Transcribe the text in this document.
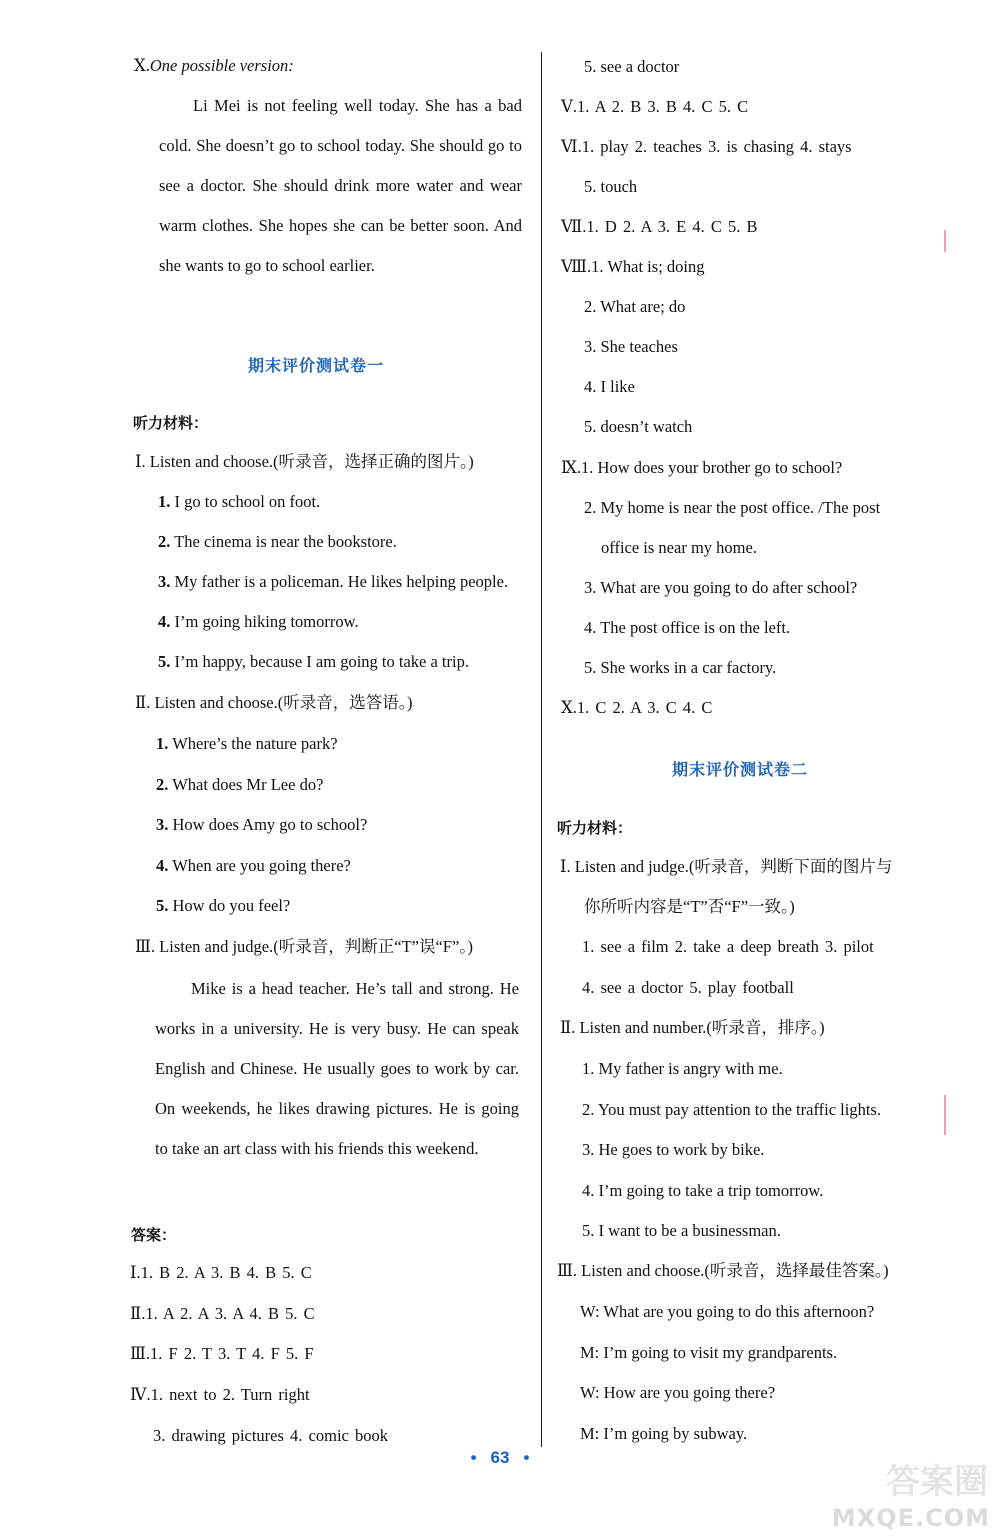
Ⅹ.One possible version:
Li Mei is not feeling well today. She has a bad cold. She doesn’t go to school today. She should go to see a doctor. She should drink more water and wear warm clothes. She hopes she can be better soon. And she wants to go to school earlier.
期末评价测试卷一
听力材料：
Ⅰ. Listen and choose.(听录音，选择正确的图片。)
1. I go to school on foot.
2. The cinema is near the bookstore.
3. My father is a policeman. He likes helping people.
4. I’m going hiking tomorrow.
5. I’m happy, because I am going to take a trip.
Ⅱ. Listen and choose.(听录音，选答语。)
1. Where’s the nature park?
2. What does Mr Lee do?
3. How does Amy go to school?
4. When are you going there?
5. How do you feel?
Ⅲ. Listen and judge.(听录音，判断正“T”误“F”。)
Mike is a head teacher. He’s tall and strong. He works in a university. He is very busy. He can speak English and Chinese. He usually goes to work by car. On weekends, he likes drawing pictures. He is going to take an art class with his friends this weekend.
答案：
Ⅰ.1. B 2. A 3. B 4. B 5. C
Ⅱ.1. A 2. A 3. A 4. B 5. C
Ⅲ.1. F 2. T 3. T 4. F 5. F
Ⅳ.1. next to 2. Turn right
3. drawing pictures 4. comic book
5. see a doctor
Ⅴ.1. A 2. B 3. B 4. C 5. C
Ⅵ.1. play 2. teaches 3. is chasing 4. stays
5. touch
Ⅶ.1. D 2. A 3. E 4. C 5. B
Ⅷ.1. What is; doing
2. What are; do
3. She teaches
4. I like
5. doesn’t watch
Ⅸ.1. How does your brother go to school?
2. My home is near the post office. /The post
office is near my home.
3. What are you going to do after school?
4. The post office is on the left.
5. She works in a car factory.
Ⅹ.1. C 2. A 3. C 4. C
期末评价测试卷二
听力材料：
Ⅰ. Listen and judge.(听录音，判断下面的图片与
你所听内容是“T”否“F”一致。)
1. see a film 2. take a deep breath 3. pilot
4. see a doctor 5. play football
Ⅱ. Listen and number.(听录音，排序。)
1. My father is angry with me.
2. You must pay attention to the traffic lights.
3. He goes to work by bike.
4. I’m going to take a trip tomorrow.
5. I want to be a businessman.
Ⅲ. Listen and choose.(听录音，选择最佳答案。)
W: What are you going to do this afternoon?
M: I’m going to visit my grandparents.
W: How are you going there?
M: I’m going by subway.
• 63 •
答案圈
MXQE.COM
